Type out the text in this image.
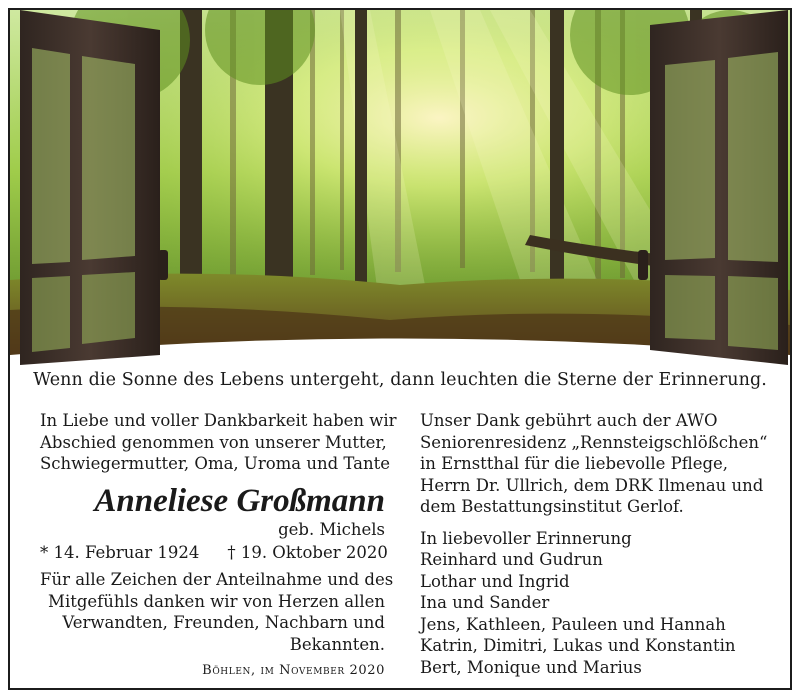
Wenn die Sonne des Lebens untergeht, dann leuchten die Sterne der Erinnerung.
In Liebe und voller Dankbarkeit haben wir
Abschied genommen von unserer Mutter,
Schwiegermutter, Oma, Uroma und Tante
Anneliese Großmann
geb. Michels
* 14. Februar 1924 † 19. Oktober 2020
Für alle Zeichen der Anteilnahme und des
Mitgefühls danken wir von Herzen allen
Verwandten, Freunden, Nachbarn und
Bekannten.
Böhlen, im November 2020
Unser Dank gebührt auch der AWO
Seniorenresidenz „Rennsteigschlößchen“
in Ernstthal für die liebevolle Pflege,
Herrn Dr. Ullrich, dem DRK Ilmenau und
dem Bestattungsinstitut Gerlof.
In liebevoller Erinnerung
Reinhard und Gudrun
Lothar und Ingrid
Ina und Sander
Jens, Kathleen, Pauleen und Hannah
Katrin, Dimitri, Lukas und Konstantin
Bert, Monique und Marius
